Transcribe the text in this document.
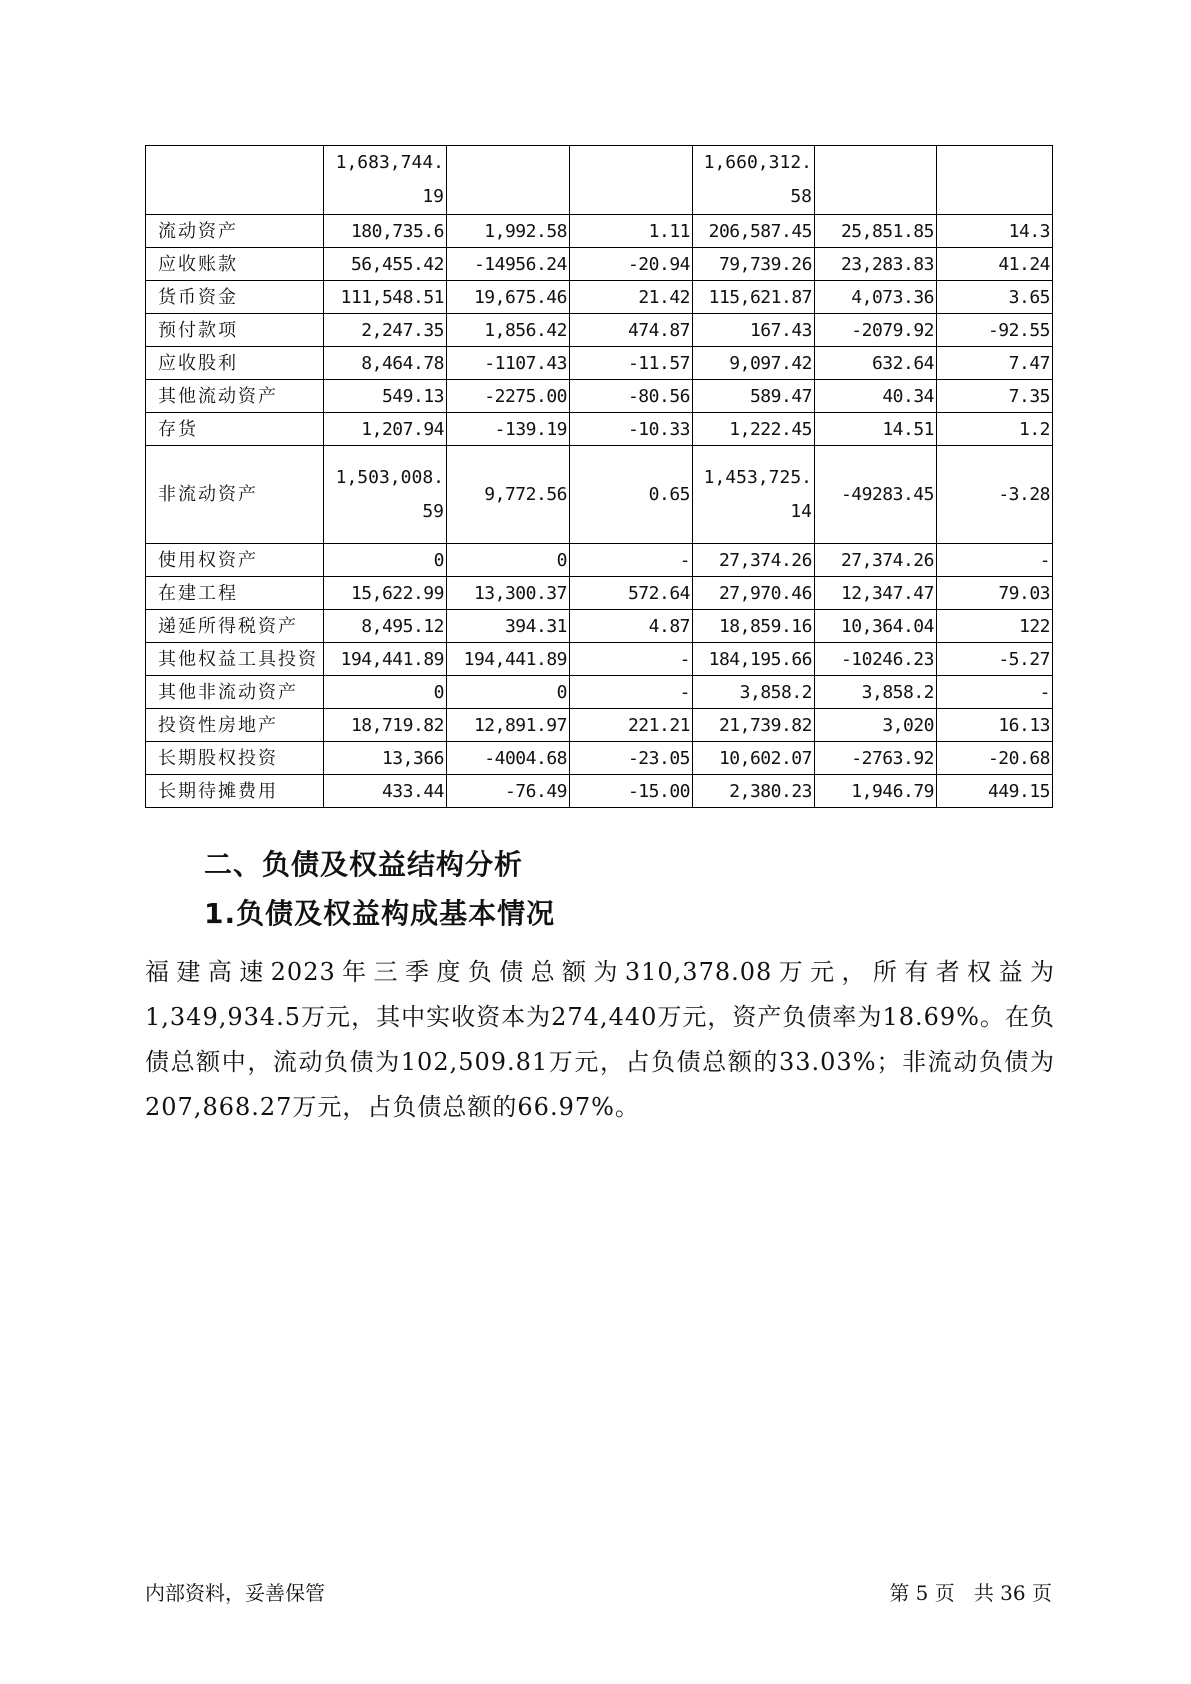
	1,683,744.19			1,660,312.58		
流动资产	180,735.6	1,992.58	1.11	206,587.45	25,851.85	14.3
应收账款	56,455.42	-14956.24	-20.94	79,739.26	23,283.83	41.24
货币资金	111,548.51	19,675.46	21.42	115,621.87	4,073.36	3.65
预付款项	2,247.35	1,856.42	474.87	167.43	-2079.92	-92.55
应收股利	8,464.78	-1107.43	-11.57	9,097.42	632.64	7.47
其他流动资产	549.13	-2275.00	-80.56	589.47	40.34	7.35
存货	1,207.94	-139.19	-10.33	1,222.45	14.51	1.2
非流动资产	1,503,008.59	9,772.56	0.65	1,453,725.14	-49283.45	-3.28
使用权资产	0	0	-	27,374.26	27,374.26	-
在建工程	15,622.99	13,300.37	572.64	27,970.46	12,347.47	79.03
递延所得税资产	8,495.12	394.31	4.87	18,859.16	10,364.04	122
其他权益工具投资	194,441.89	194,441.89	-	184,195.66	-10246.23	-5.27
其他非流动资产	0	0	-	3,858.2	3,858.2	-
投资性房地产	18,719.82	12,891.97	221.21	21,739.82	3,020	16.13
长期股权投资	13,366	-4004.68	-23.05	10,602.07	-2763.92	-20.68
长期待摊费用	433.44	-76.49	-15.00	2,380.23	1,946.79	449.15
二、负债及权益结构分析
1.负债及权益构成基本情况
福建高速2023年三季度负债总额为310,378.08万元，所有者权益为1,349,934.5万元，其中实收资本为274,440万元，资产负债率为18.69%。在负债总额中，流动负债为102,509.81万元，占负债总额的33.03%；非流动负债为207,868.27万元，占负债总额的66.97%。
内部资料，妥善保管	第 5 页   共 36 页
